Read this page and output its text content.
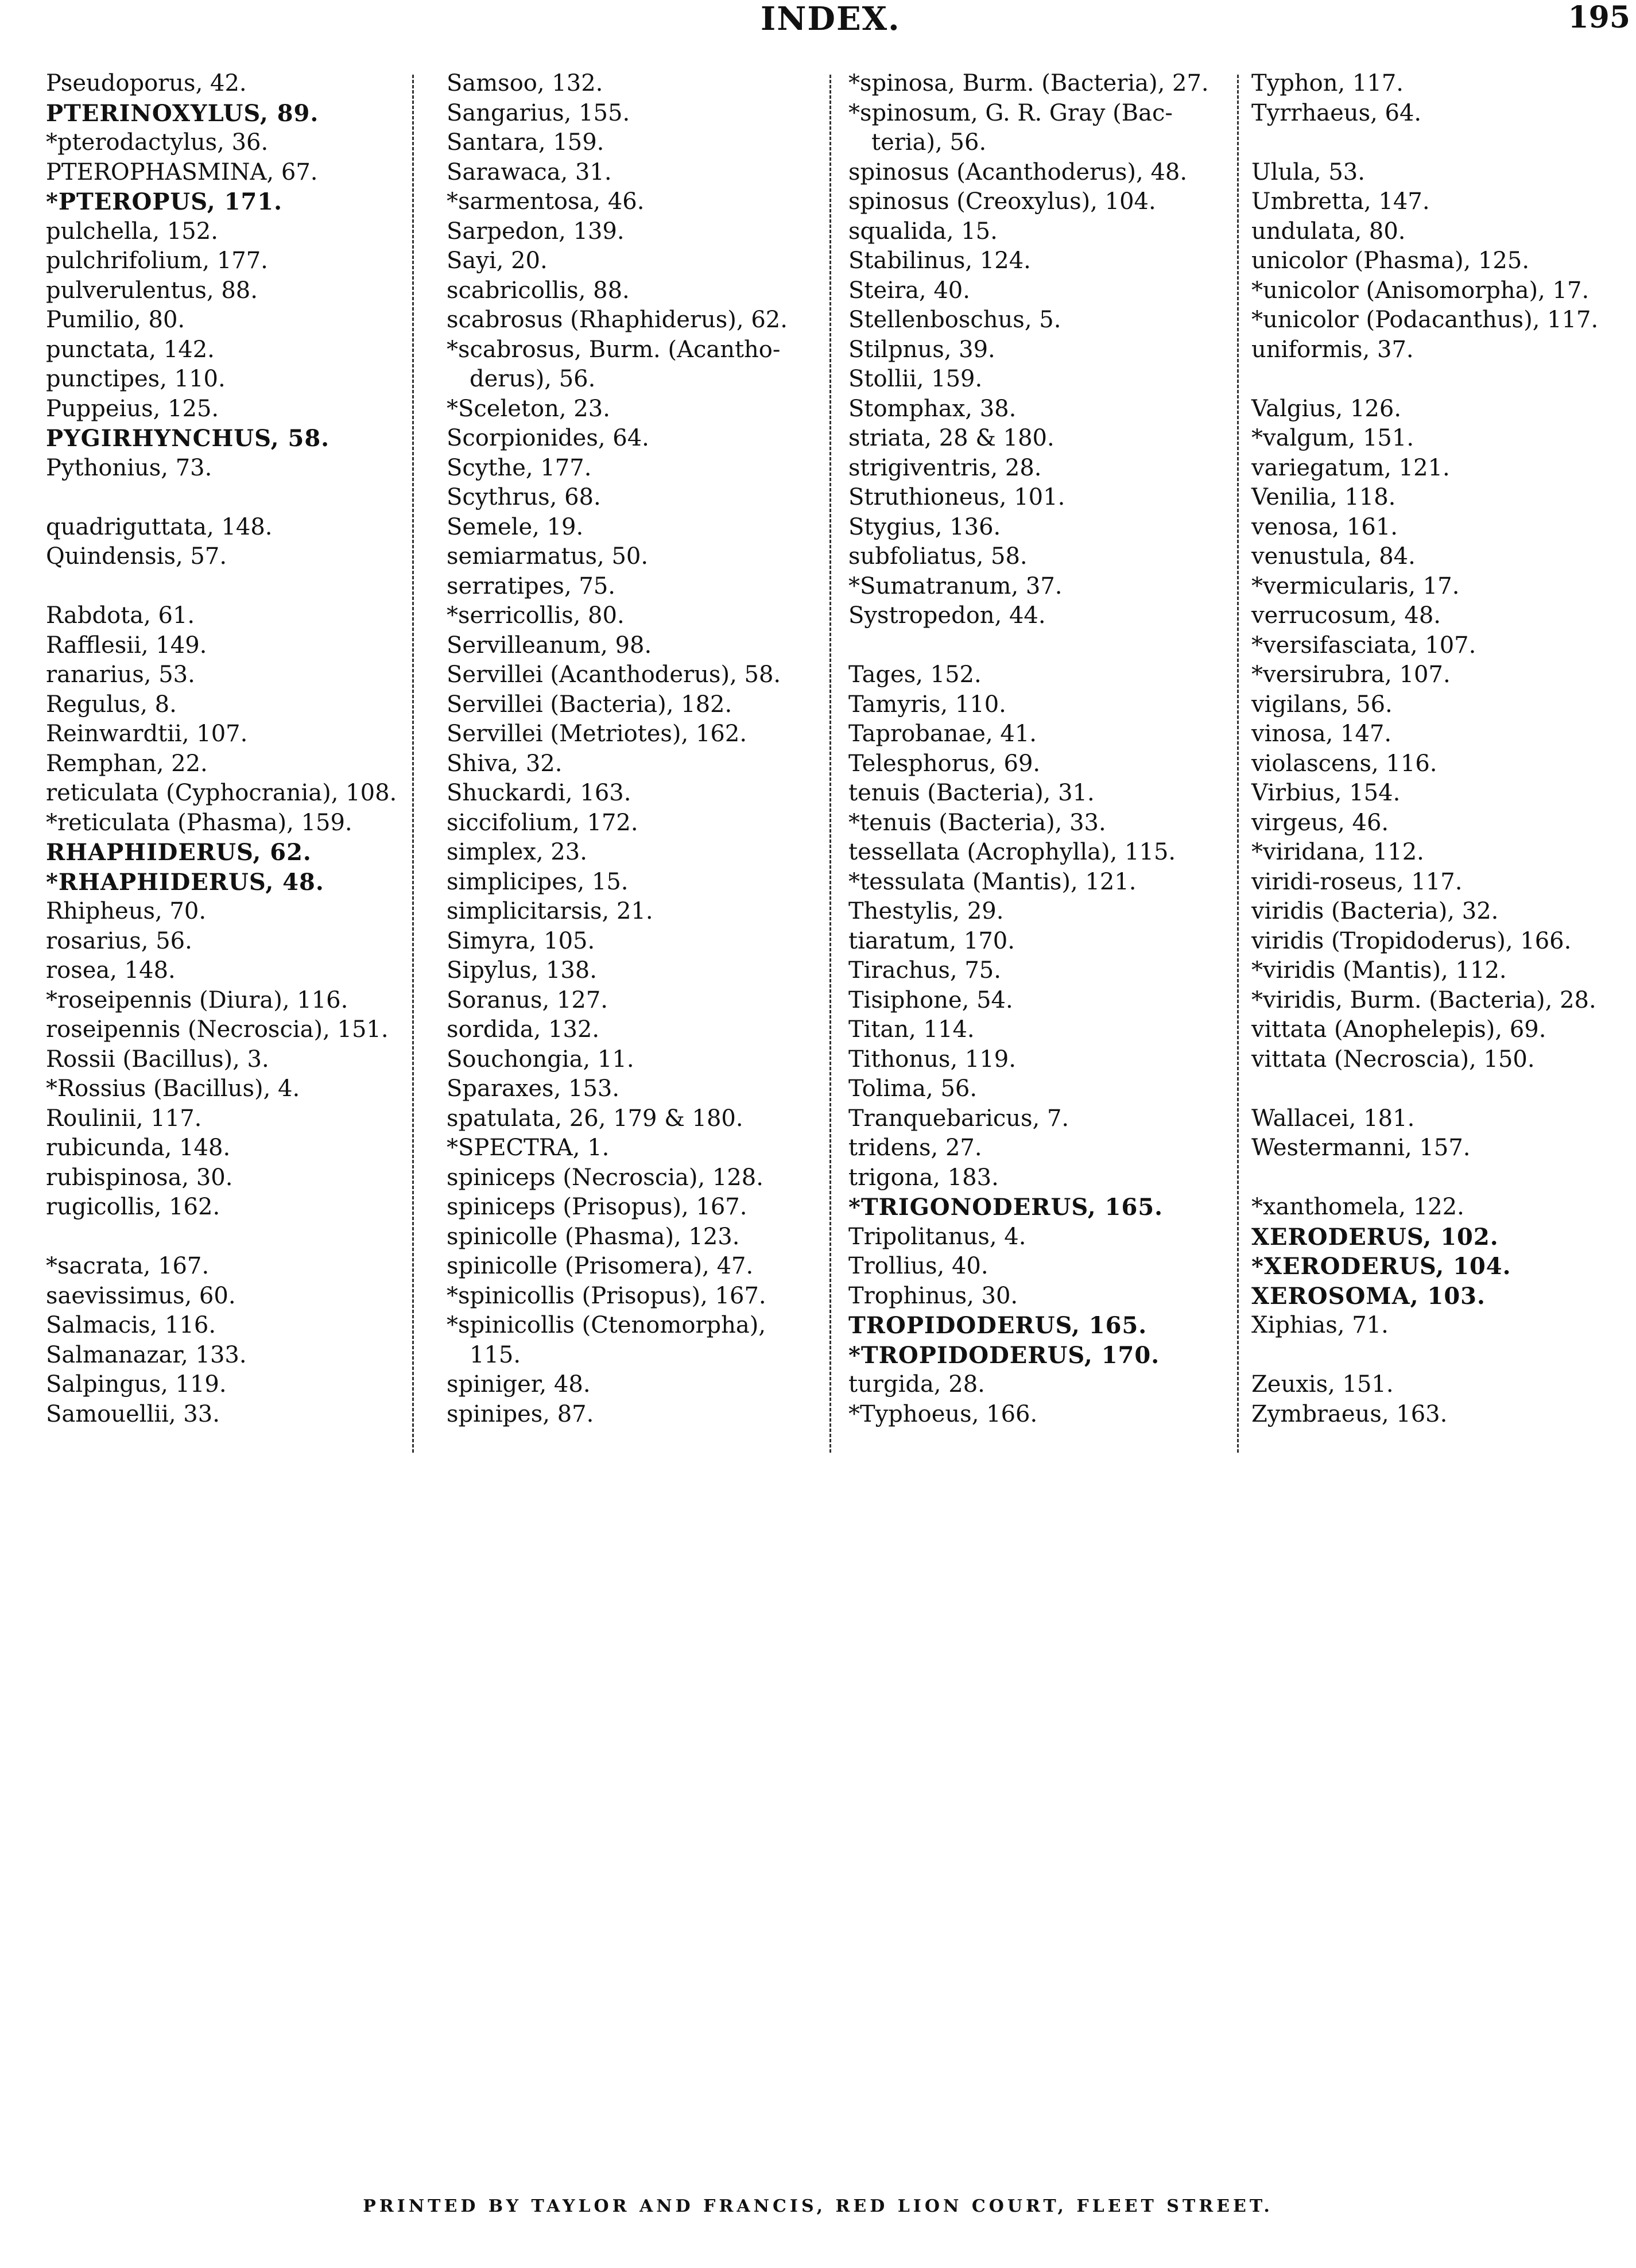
INDEX.	195
Pseudoporus, 42.
PTERINOXYLUS, 89.
*pterodactylus, 36.
PTEROPHASMINA, 67.
*PTEROPUS, 171.
pulchella, 152.
pulchrifolium, 177.
pulverulentus, 88.
Pumilio, 80.
punctata, 142.
punctipes, 110.
Puppeius, 125.
PYGIRHYNCHUS, 58.
Pythonius, 73.
quadriguttata, 148.
Quindensis, 57.
Rabdota, 61.
Rafflesii, 149.
ranarius, 53.
Regulus, 8.
Reinwardtii, 107.
Remphan, 22.
reticulata (Cyphocrania), 108.
*reticulata (Phasma), 159.
RHAPHIDERUS, 62.
*RHAPHIDERUS, 48.
Rhipheus, 70.
rosarius, 56.
rosea, 148.
*roseipennis (Diura), 116.
roseipennis (Necroscia), 151.
Rossii (Bacillus), 3.
*Rossius (Bacillus), 4.
Roulinii, 117.
rubicunda, 148.
rubispinosa, 30.
rugicollis, 162.
*sacrata, 167.
saevissimus, 60.
Salmacis, 116.
Salmanazar, 133.
Salpingus, 119.
Samouellii, 33.
Samsoo, 132.
Sangarius, 155.
Santara, 159.
Sarawaca, 31.
*sarmentosa, 46.
Sarpedon, 139.
Sayi, 20.
scabricollis, 88.
scabrosus (Rhaphiderus), 62.
*scabrosus, Burm. (Acantho-
derus), 56.
*Sceleton, 23.
Scorpionides, 64.
Scythe, 177.
Scythrus, 68.
Semele, 19.
semiarmatus, 50.
serratipes, 75.
*serricollis, 80.
Servilleanum, 98.
Servillei (Acanthoderus), 58.
Servillei (Bacteria), 182.
Servillei (Metriotes), 162.
Shiva, 32.
Shuckardi, 163.
siccifolium, 172.
simplex, 23.
simplicipes, 15.
simplicitarsis, 21.
Simyra, 105.
Sipylus, 138.
Soranus, 127.
sordida, 132.
Souchongia, 11.
Sparaxes, 153.
spatulata, 26, 179 & 180.
*SPECTRA, 1.
spiniceps (Necroscia), 128.
spiniceps (Prisopus), 167.
spinicolle (Phasma), 123.
spinicolle (Prisomera), 47.
*spinicollis (Prisopus), 167.
*spinicollis (Ctenomorpha),
115.
spiniger, 48.
spinipes, 87.
*spinosa, Burm. (Bacteria), 27.
*spinosum, G. R. Gray (Bac-
teria), 56.
spinosus (Acanthoderus), 48.
spinosus (Creoxylus), 104.
squalida, 15.
Stabilinus, 124.
Steira, 40.
Stellenboschus, 5.
Stilpnus, 39.
Stollii, 159.
Stomphax, 38.
striata, 28 & 180.
strigiventris, 28.
Struthioneus, 101.
Stygius, 136.
subfoliatus, 58.
*Sumatranum, 37.
Systropedon, 44.
Tages, 152.
Tamyris, 110.
Taprobanae, 41.
Telesphorus, 69.
tenuis (Bacteria), 31.
*tenuis (Bacteria), 33.
tessellata (Acrophylla), 115.
*tessulata (Mantis), 121.
Thestylis, 29.
tiaratum, 170.
Tirachus, 75.
Tisiphone, 54.
Titan, 114.
Tithonus, 119.
Tolima, 56.
Tranquebaricus, 7.
tridens, 27.
trigona, 183.
*TRIGONODERUS, 165.
Tripolitanus, 4.
Trollius, 40.
Trophinus, 30.
TROPIDODERUS, 165.
*TROPIDODERUS, 170.
turgida, 28.
*Typhoeus, 166.
Typhon, 117.
Tyrrhaeus, 64.
Ulula, 53.
Umbretta, 147.
undulata, 80.
unicolor (Phasma), 125.
*unicolor (Anisomorpha), 17.
*unicolor (Podacanthus), 117.
uniformis, 37.
Valgius, 126.
*valgum, 151.
variegatum, 121.
Venilia, 118.
venosa, 161.
venustula, 84.
*vermicularis, 17.
verrucosum, 48.
*versifasciata, 107.
*versirubra, 107.
vigilans, 56.
vinosa, 147.
violascens, 116.
Virbius, 154.
virgeus, 46.
*viridana, 112.
viridi-roseus, 117.
viridis (Bacteria), 32.
viridis (Tropidoderus), 166.
*viridis (Mantis), 112.
*viridis, Burm. (Bacteria), 28.
vittata (Anophelepis), 69.
vittata (Necroscia), 150.
Wallacei, 181.
Westermanni, 157.
*xanthomela, 122.
XERODERUS, 102.
*XERODERUS, 104.
XEROSOMA, 103.
Xiphias, 71.
Zeuxis, 151.
Zymbraeus, 163.
PRINTED BY TAYLOR AND FRANCIS, RED LION COURT, FLEET STREET.
